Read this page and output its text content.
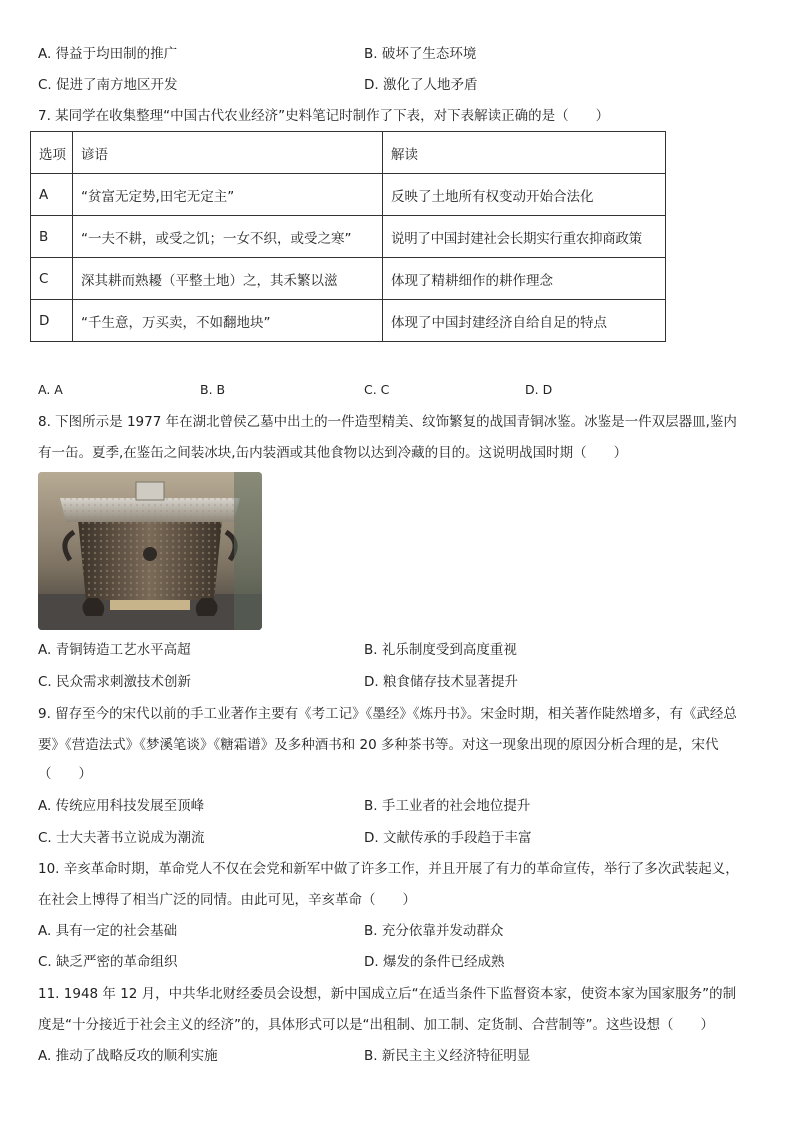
A. 得益于均田制的推广	B. 破坏了生态环境
C. 促进了南方地区开发	D. 激化了人地矛盾
7. 某同学在收集整理“中国古代农业经济”史料笔记时制作了下表，对下表解读正确的是（　　）
选项	谚语	解读
A	“贫富无定势,田宅无定主”	反映了土地所有权变动开始合法化
B	“一夫不耕，或受之饥；一女不织，或受之寒”	说明了中国封建社会长期实行重农抑商政策
C	深其耕而熟耰（平整土地）之，其禾繁以滋	体现了精耕细作的耕作理念
D	“千生意，万买卖，不如翻地块”	体现了中国封建经济自给自足的特点
A. A	B. B	C. C	D. D
8. 下图所示是 1977 年在湖北曾侯乙墓中出土的一件造型精美、纹饰繁复的战国青铜冰鉴。冰鉴是一件双层器皿,鉴内
有一缶。夏季,在鉴缶之间装冰块,缶内装酒或其他食物以达到冷藏的目的。这说明战国时期（　　）
A. 青铜铸造工艺水平高超	B. 礼乐制度受到高度重视
C. 民众需求刺激技术创新	D. 粮食储存技术显著提升
9. 留存至今的宋代以前的手工业著作主要有《考工记》《墨经》《炼丹书》。宋金时期，相关著作陡然增多，有《武经总
要》《营造法式》《梦溪笔谈》《糖霜谱》及多种酒书和 20 多种茶书等。对这一现象出现的原因分析合理的是，宋代
（　　）
A. 传统应用科技发展至顶峰	B. 手工业者的社会地位提升
C. 士大夫著书立说成为潮流	D. 文献传承的手段趋于丰富
10. 辛亥革命时期，革命党人不仅在会党和新军中做了许多工作，并且开展了有力的革命宣传，举行了多次武装起义，
在社会上博得了相当广泛的同情。由此可见，辛亥革命（　　）
A. 具有一定的社会基础	B. 充分依靠并发动群众
C. 缺乏严密的革命组织	D. 爆发的条件已经成熟
11. 1948 年 12 月，中共华北财经委员会设想，新中国成立后“在适当条件下监督资本家，使资本家为国家服务”的制
度是“十分接近于社会主义的经济”的，具体形式可以是“出租制、加工制、定货制、合营制等”。这些设想（　　）
A. 推动了战略反攻的顺利实施	B. 新民主主义经济特征明显
